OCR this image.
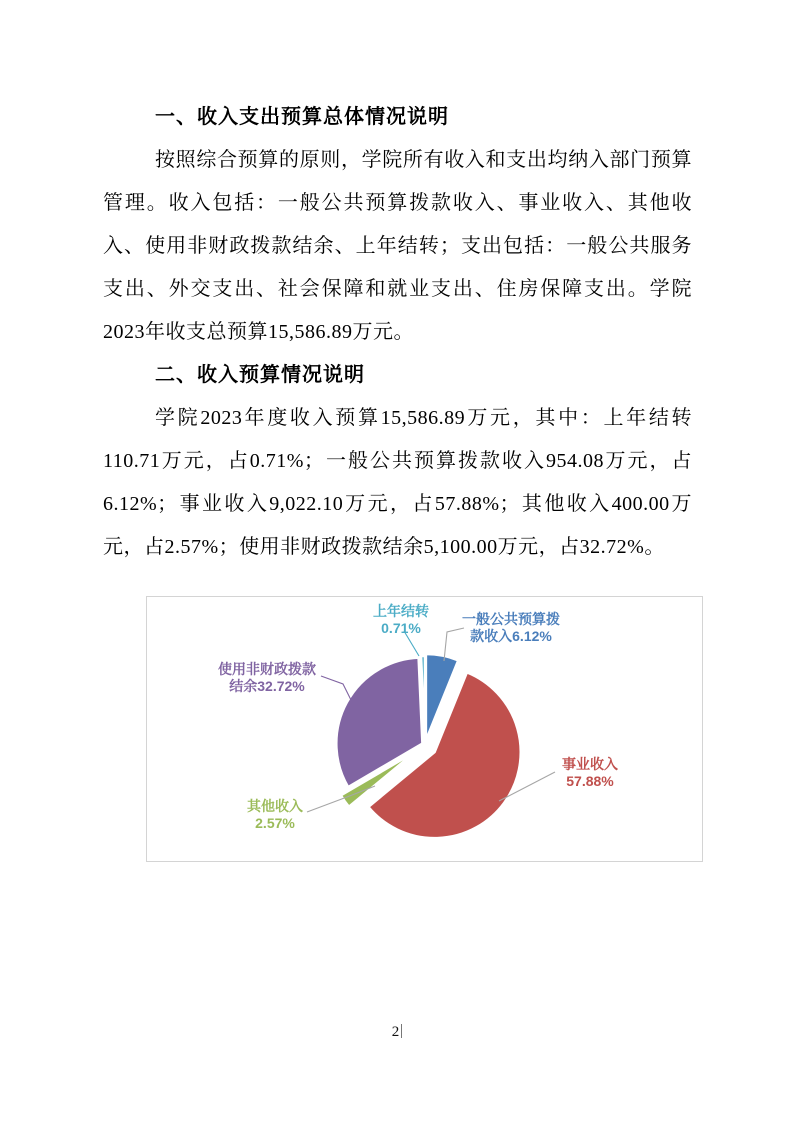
一、收入支出预算总体情况说明

按照综合预算的原则，学院所有收入和支出均纳入部门预算管理。收入包括：一般公共预算拨款收入、事业收入、其他收入、使用非财政拨款结余、上年结转；支出包括：一般公共服务支出、外交支出、社会保障和就业支出、住房保障支出。学院2023年收支总预算15,586.89万元。

二、收入预算情况说明

学院2023年度收入预算15,586.89万元，其中：上年结转110.71万元，占0.71%；一般公共预算拨款收入954.08万元，占6.12%；事业收入9,022.10万元，占57.88%；其他收入400.00万元，占2.57%；使用非财政拨款结余5,100.00万元，占32.72%。

一般公共预算拨
款收入6.12%
事业收入
57.88%
其他收入
2.57%
使用非财政拨款
结余32.72%
上年结转
0.71%
2
